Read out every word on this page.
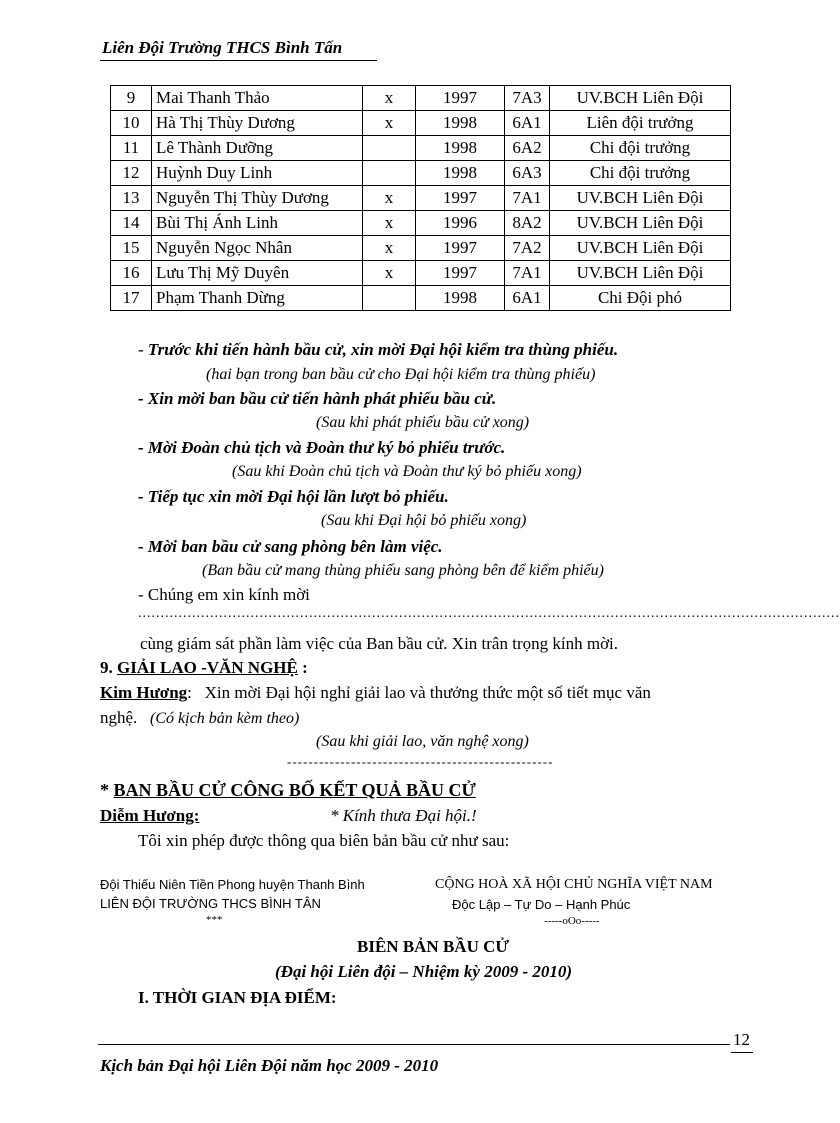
Liên Đội Trường THCS Bình Tấn
9	Mai Thanh Thảo	x	1997	7A3	UV.BCH Liên Đội
10	Hà Thị Thùy Dương	x	1998	6A1	Liên đội trưởng
11	Lê Thành Dưỡng		1998	6A2	Chi đội trưởng
12	Huỳnh Duy Linh		1998	6A3	Chi đội trưởng
13	Nguyễn Thị Thùy Dương	x	1997	7A1	UV.BCH Liên Đội
14	Bùi Thị Ánh Linh	x	1996	8A2	UV.BCH Liên Đội
15	Nguyễn Ngọc Nhân	x	1997	7A2	UV.BCH Liên Đội
16	Lưu Thị Mỹ Duyên	x	1997	7A1	UV.BCH Liên Đội
17	Phạm Thanh Dừng		1998	6A1	Chi Đội phó
- Trước khi tiến hành bầu cử, xin mời Đại hội kiểm tra thùng phiếu.
(hai bạn trong ban bầu cử cho Đại hội kiểm tra thùng phiếu)
- Xin mời ban bầu cử tiến hành phát phiếu bầu cử.
(Sau khi phát phiếu bầu cử xong)
- Mời Đoàn chủ tịch và Đoàn thư ký bỏ phiếu trước.
(Sau khi Đoàn chủ tịch và Đoàn thư ký bỏ phiếu xong)
- Tiếp tục xin mời Đại hội lần lượt bỏ phiếu.
(Sau khi Đại hội bỏ phiếu xong)
- Mời ban bầu cử sang phòng bên làm việc.
(Ban bầu cử mang thùng phiếu sang phòng bên để kiểm phiếu)
- Chúng em xin kính mời
............................................................................................................................................................
cùng giám sát phần làm việc của Ban bầu cử. Xin trân trọng kính mời.
9. GIẢI LAO -VĂN NGHỆ :
Kim Hương: Xin mời Đại hội nghỉ giải lao và thưởng thức một số tiết mục văn
nghệ. (Có kịch bản kèm theo)
(Sau khi giải lao, văn nghệ xong)
--------------------------------------------------
* BAN BẦU CỬ CÔNG BỐ KẾT QUẢ BẦU CỬ
Diễm Hương:	* Kính thưa Đại hội.!
Tôi xin phép được thông qua biên bản bầu cử như sau:
Đội Thiếu Niên Tiền Phong huyện Thanh Bình
LIÊN ĐỘI TRƯỜNG THCS BÌNH TÂN
***
CỘNG HOÀ XÃ HỘI CHỦ NGHĨA VIỆT NAM
Độc Lập – Tự Do – Hạnh Phúc
-----oOo-----
BIÊN BẢN BẦU CỬ
(Đại hội Liên đội – Nhiệm kỳ 2009 - 2010)
I. THỜI GIAN ĐỊA ĐIỂM:
12
Kịch bản Đại hội Liên Đội năm học 2009 - 2010
